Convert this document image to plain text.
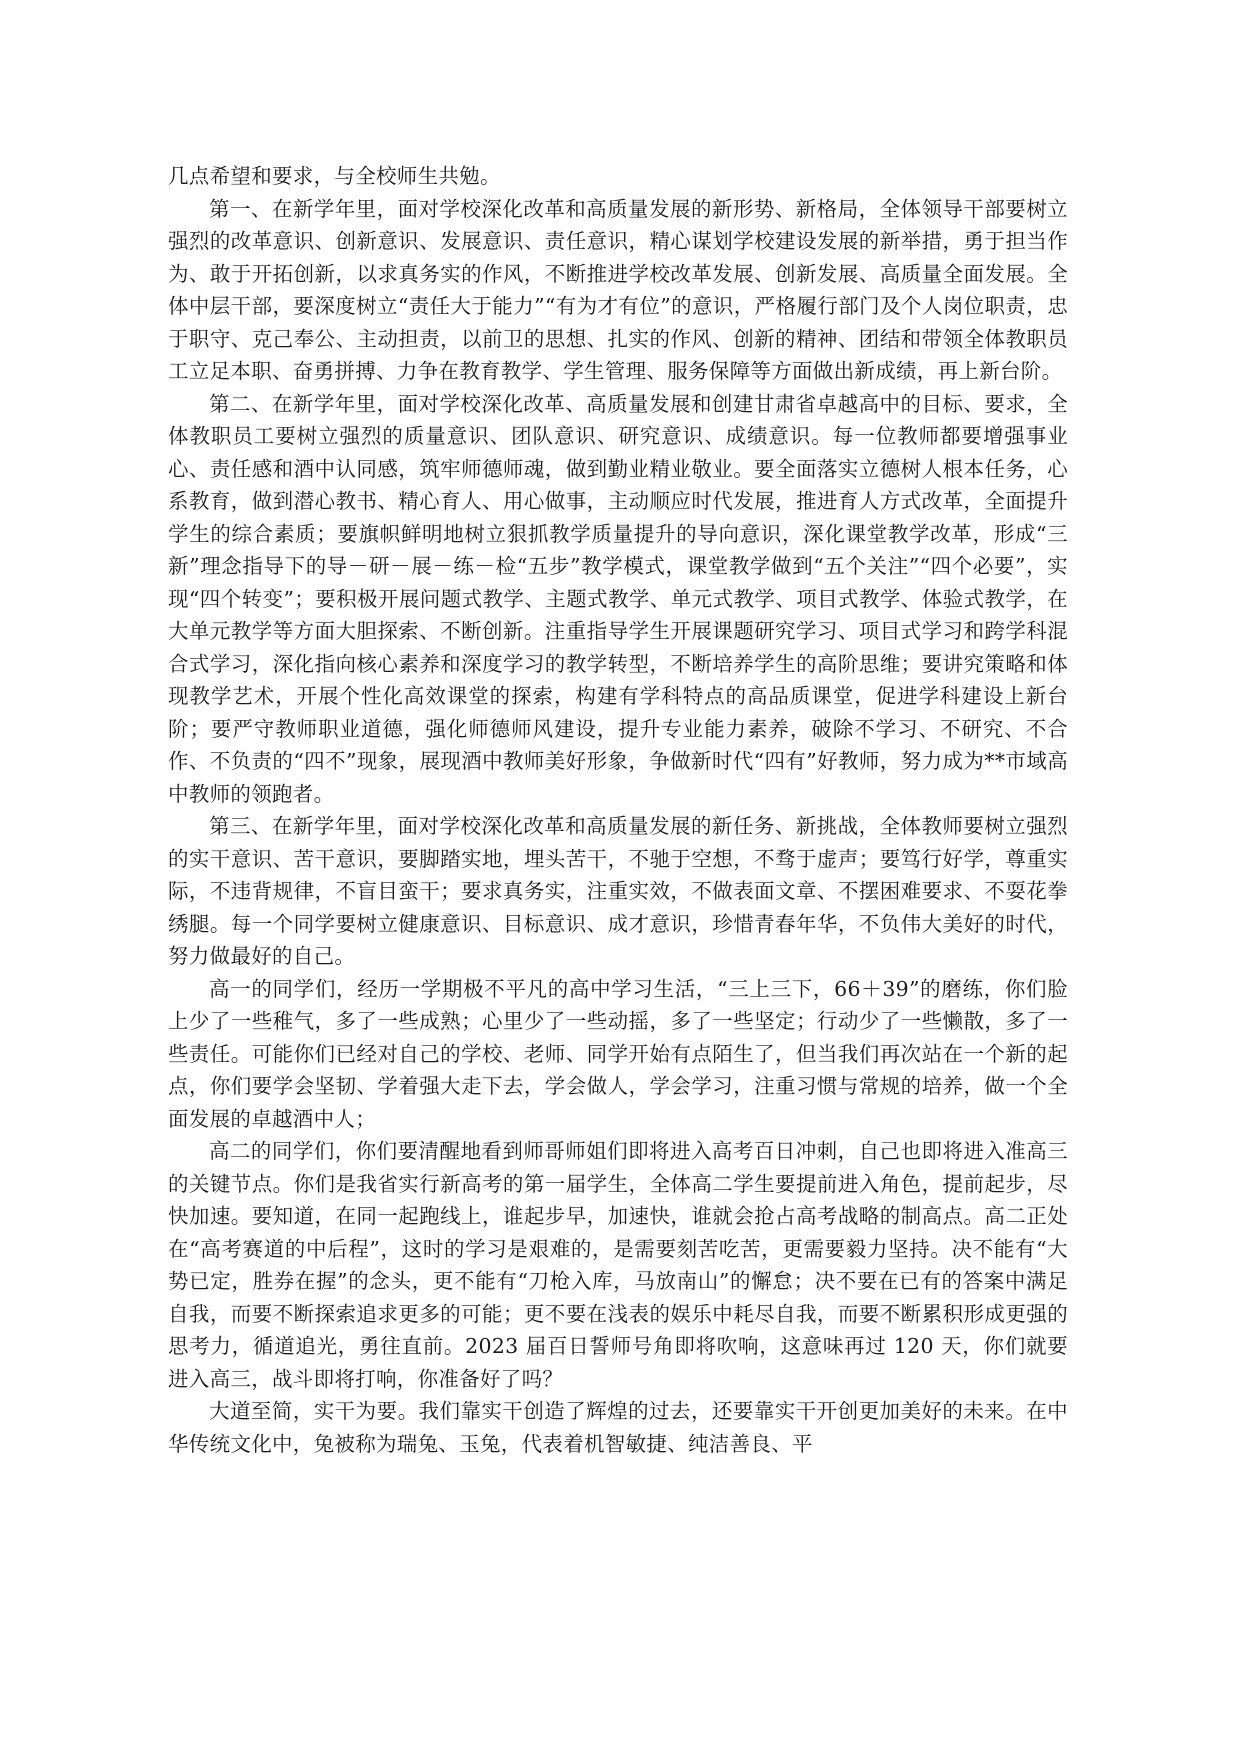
几点希望和要求，与全校师生共勉。

第一、在新学年里，面对学校深化改革和高质量发展的新形势、新格局，全体领导干部要树立强烈的改革意识、创新意识、发展意识、责任意识，精心谋划学校建设发展的新举措，勇于担当作为、敢于开拓创新，以求真务实的作风，不断推进学校改革发展、创新发展、高质量全面发展。全体中层干部，要深度树立“责任大于能力”“有为才有位”的意识，严格履行部门及个人岗位职责，忠于职守、克己奉公、主动担责，以前卫的思想、扎实的作风、创新的精神、团结和带领全体教职员工立足本职、奋勇拼搏、力争在教育教学、学生管理、服务保障等方面做出新成绩，再上新台阶。

第二、在新学年里，面对学校深化改革、高质量发展和创建甘肃省卓越高中的目标、要求，全体教职员工要树立强烈的质量意识、团队意识、研究意识、成绩意识。每一位教师都要增强事业心、责任感和酒中认同感，筑牢师德师魂，做到勤业精业敬业。要全面落实立德树人根本任务，心系教育，做到潜心教书、精心育人、用心做事，主动顺应时代发展，推进育人方式改革，全面提升学生的综合素质；要旗帜鲜明地树立狠抓教学质量提升的导向意识，深化课堂教学改革，形成“三新”理念指导下的导－研－展－练－检“五步”教学模式，课堂教学做到“五个关注”“四个必要”，实现“四个转变”；要积极开展问题式教学、主题式教学、单元式教学、项目式教学、体验式教学，在大单元教学等方面大胆探索、不断创新。注重指导学生开展课题研究学习、项目式学习和跨学科混合式学习，深化指向核心素养和深度学习的教学转型，不断培养学生的高阶思维；要讲究策略和体现教学艺术，开展个性化高效课堂的探索，构建有学科特点的高品质课堂，促进学科建设上新台阶；要严守教师职业道德，强化师德师风建设，提升专业能力素养，破除不学习、不研究、不合作、不负责的“四不”现象，展现酒中教师美好形象，争做新时代“四有”好教师，努力成为**市域高中教师的领跑者。

第三、在新学年里，面对学校深化改革和高质量发展的新任务、新挑战，全体教师要树立强烈的实干意识、苦干意识，要脚踏实地，埋头苦干，不驰于空想，不骛于虚声；要笃行好学，尊重实际，不违背规律，不盲目蛮干；要求真务实，注重实效，不做表面文章、不摆困难要求、不耍花拳绣腿。每一个同学要树立健康意识、目标意识、成才意识，珍惜青春年华，不负伟大美好的时代，努力做最好的自己。

高一的同学们，经历一学期极不平凡的高中学习生活，“三上三下，66＋39”的磨练，你们脸上少了一些稚气，多了一些成熟；心里少了一些动摇，多了一些坚定；行动少了一些懒散，多了一些责任。可能你们已经对自己的学校、老师、同学开始有点陌生了，但当我们再次站在一个新的起点，你们要学会坚韧、学着强大走下去，学会做人，学会学习，注重习惯与常规的培养，做一个全面发展的卓越酒中人；

高二的同学们，你们要清醒地看到师哥师姐们即将进入高考百日冲刺，自己也即将进入准高三的关键节点。你们是我省实行新高考的第一届学生，全体高二学生要提前进入角色，提前起步，尽快加速。要知道，在同一起跑线上，谁起步早，加速快，谁就会抢占高考战略的制高点。高二正处在“高考赛道的中后程”，这时的学习是艰难的，是需要刻苦吃苦，更需要毅力坚持。决不能有“大势已定，胜券在握”的念头，更不能有“刀枪入库，马放南山”的懈怠；决不要在已有的答案中满足自我，而要不断探索追求更多的可能；更不要在浅表的娱乐中耗尽自我，而要不断累积形成更强的思考力，循道追光，勇往直前。2023 届百日誓师号角即将吹响，这意味再过 120 天，你们就要进入高三，战斗即将打响，你准备好了吗？

大道至简，实干为要。我们靠实干创造了辉煌的过去，还要靠实干开创更加美好的未来。在中华传统文化中，兔被称为瑞兔、玉兔，代表着机智敏捷、纯洁善良、平
